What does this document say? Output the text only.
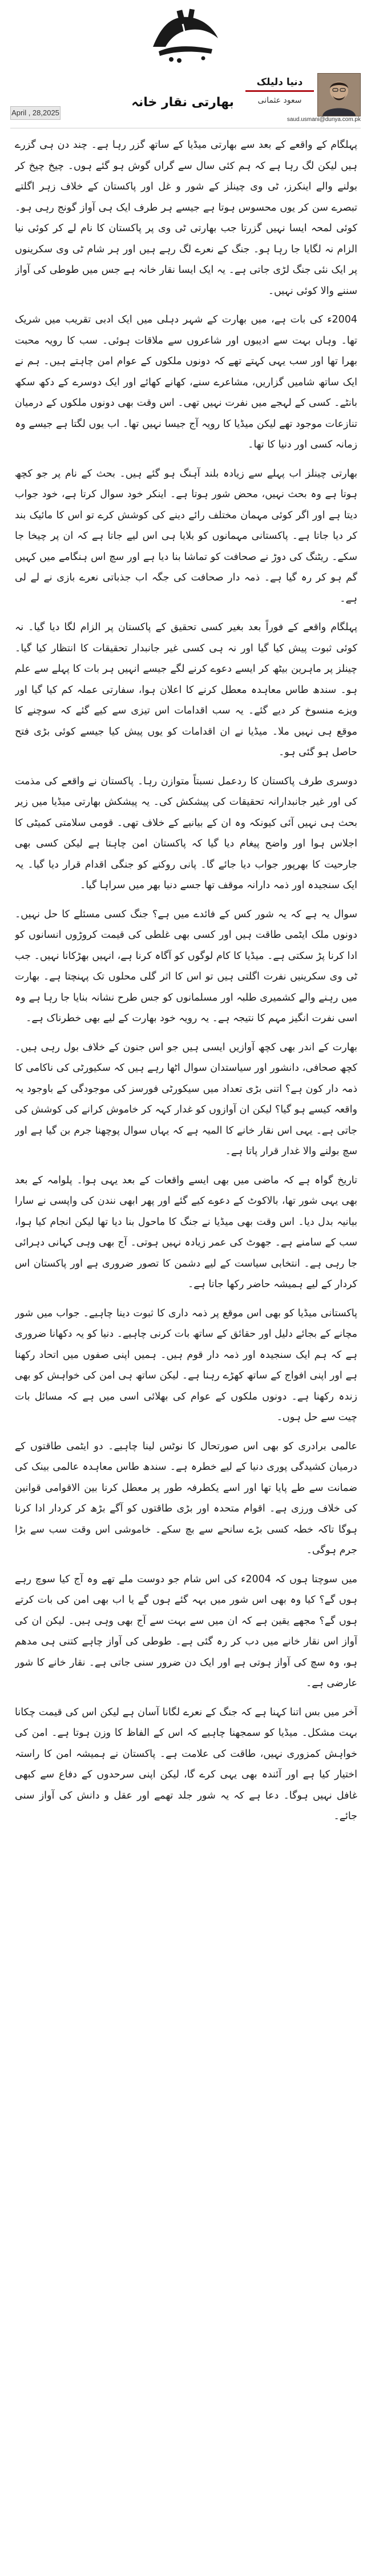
دنیا دلیلک
سعود عثمانی
saud.usmani@dunya.com.pk
بھارتی نقار خانہ
April , 28,2025

پہلگام کے واقعے کے بعد سے بھارتی میڈیا کے ساتھ گزر رہا ہے۔ چند دن ہی گزرے ہیں لیکن لگ رہا ہے کہ ہم کئی سال سے گراں گوش ہو گئے ہوں۔ چیخ چیخ کر بولنے والے اینکرز، ٹی وی چینلز کے شور و غل اور پاکستان کے خلاف زہر اگلتے تبصرے سن کر یوں محسوس ہوتا ہے جیسے ہر طرف ایک ہی آواز گونج رہی ہو۔ کوئی لمحہ ایسا نہیں گزرتا جب بھارتی ٹی وی پر پاکستان کا نام لے کر کوئی نیا الزام نہ لگایا جا رہا ہو۔ جنگ کے نعرے لگ رہے ہیں اور ہر شام ٹی وی سکرینوں پر ایک نئی جنگ لڑی جاتی ہے۔ یہ ایک ایسا نقار خانہ ہے جس میں طوطی کی آواز سننے والا کوئی نہیں۔

2004ء کی بات ہے، میں بھارت کے شہر دہلی میں ایک ادبی تقریب میں شریک تھا۔ وہاں بہت سے ادیبوں اور شاعروں سے ملاقات ہوئی۔ سب کا رویہ محبت بھرا تھا اور سب یہی کہتے تھے کہ دونوں ملکوں کے عوام امن چاہتے ہیں۔ ہم نے ایک ساتھ شامیں گزاریں، مشاعرے سنے، کھانے کھائے اور ایک دوسرے کے دکھ سکھ بانٹے۔ کسی کے لہجے میں نفرت نہیں تھی۔ اس وقت بھی دونوں ملکوں کے درمیان تنازعات موجود تھے لیکن میڈیا کا رویہ آج جیسا نہیں تھا۔ اب یوں لگتا ہے جیسے وہ زمانہ کسی اور دنیا کا تھا۔

بھارتی چینلز اب پہلے سے زیادہ بلند آہنگ ہو گئے ہیں۔ بحث کے نام پر جو کچھ ہوتا ہے وہ بحث نہیں، محض شور ہوتا ہے۔ اینکر خود سوال کرتا ہے، خود جواب دیتا ہے اور اگر کوئی مہمان مختلف رائے دینے کی کوشش کرے تو اس کا مائیک بند کر دیا جاتا ہے۔ پاکستانی مہمانوں کو بلایا ہی اس لیے جاتا ہے کہ ان پر چیخا جا سکے۔ ریٹنگ کی دوڑ نے صحافت کو تماشا بنا دیا ہے اور سچ اس ہنگامے میں کہیں گم ہو کر رہ گیا ہے۔ ذمہ دار صحافت کی جگہ اب جذباتی نعرے بازی نے لے لی ہے۔

پہلگام واقعے کے فوراً بعد بغیر کسی تحقیق کے پاکستان پر الزام لگا دیا گیا۔ نہ کوئی ثبوت پیش کیا گیا اور نہ ہی کسی غیر جانبدار تحقیقات کا انتظار کیا گیا۔ چینلز پر ماہرین بیٹھ کر ایسے دعوے کرنے لگے جیسے انہیں ہر بات کا پہلے سے علم ہو۔ سندھ طاس معاہدہ معطل کرنے کا اعلان ہوا، سفارتی عملہ کم کیا گیا اور ویزے منسوخ کر دیے گئے۔ یہ سب اقدامات اس تیزی سے کیے گئے کہ سوچنے کا موقع ہی نہیں ملا۔ میڈیا نے ان اقدامات کو یوں پیش کیا جیسے کوئی بڑی فتح حاصل ہو گئی ہو۔

دوسری طرف پاکستان کا ردعمل نسبتاً متوازن رہا۔ پاکستان نے واقعے کی مذمت کی اور غیر جانبدارانہ تحقیقات کی پیشکش کی۔ یہ پیشکش بھارتی میڈیا میں زیر بحث ہی نہیں آئی کیونکہ وہ ان کے بیانیے کے خلاف تھی۔ قومی سلامتی کمیٹی کا اجلاس ہوا اور واضح پیغام دیا گیا کہ پاکستان امن چاہتا ہے لیکن کسی بھی جارحیت کا بھرپور جواب دیا جائے گا۔ پانی روکنے کو جنگی اقدام قرار دیا گیا۔ یہ ایک سنجیدہ اور ذمہ دارانہ موقف تھا جسے دنیا بھر میں سراہا گیا۔

سوال یہ ہے کہ یہ شور کس کے فائدے میں ہے؟ جنگ کسی مسئلے کا حل نہیں۔ دونوں ملک ایٹمی طاقت ہیں اور کسی بھی غلطی کی قیمت کروڑوں انسانوں کو ادا کرنا پڑ سکتی ہے۔ میڈیا کا کام لوگوں کو آگاہ کرنا ہے، انہیں بھڑکانا نہیں۔ جب ٹی وی سکرینیں نفرت اگلتی ہیں تو اس کا اثر گلی محلوں تک پہنچتا ہے۔ بھارت میں رہنے والے کشمیری طلبہ اور مسلمانوں کو جس طرح نشانہ بنایا جا رہا ہے وہ اسی نفرت انگیز مہم کا نتیجہ ہے۔ یہ رویہ خود بھارت کے لیے بھی خطرناک ہے۔

بھارت کے اندر بھی کچھ آوازیں ایسی ہیں جو اس جنون کے خلاف بول رہی ہیں۔ کچھ صحافی، دانشور اور سیاستدان سوال اٹھا رہے ہیں کہ سکیورٹی کی ناکامی کا ذمہ دار کون ہے؟ اتنی بڑی تعداد میں سیکورٹی فورسز کی موجودگی کے باوجود یہ واقعہ کیسے ہو گیا؟ لیکن ان آوازوں کو غدار کہہ کر خاموش کرانے کی کوشش کی جاتی ہے۔ یہی اس نقار خانے کا المیہ ہے کہ یہاں سوال پوچھنا جرم بن گیا ہے اور سچ بولنے والا غدار قرار پاتا ہے۔

تاریخ گواہ ہے کہ ماضی میں بھی ایسے واقعات کے بعد یہی ہوا۔ پلوامہ کے بعد بھی یہی شور تھا، بالاکوٹ کے دعوے کیے گئے اور پھر ابھی نندن کی واپسی نے سارا بیانیہ بدل دیا۔ اس وقت بھی میڈیا نے جنگ کا ماحول بنا دیا تھا لیکن انجام کیا ہوا، سب کے سامنے ہے۔ جھوٹ کی عمر زیادہ نہیں ہوتی۔ آج بھی وہی کہانی دہرائی جا رہی ہے۔ انتخابی سیاست کے لیے دشمن کا تصور ضروری ہے اور پاکستان اس کردار کے لیے ہمیشہ حاضر رکھا جاتا ہے۔

پاکستانی میڈیا کو بھی اس موقع پر ذمہ داری کا ثبوت دینا چاہیے۔ جواب میں شور مچانے کے بجائے دلیل اور حقائق کے ساتھ بات کرنی چاہیے۔ دنیا کو یہ دکھانا ضروری ہے کہ ہم ایک سنجیدہ اور ذمہ دار قوم ہیں۔ ہمیں اپنی صفوں میں اتحاد رکھنا ہے اور اپنی افواج کے ساتھ کھڑے رہنا ہے۔ لیکن ساتھ ہی امن کی خواہش کو بھی زندہ رکھنا ہے۔ دونوں ملکوں کے عوام کی بھلائی اسی میں ہے کہ مسائل بات چیت سے حل ہوں۔

عالمی برادری کو بھی اس صورتحال کا نوٹس لینا چاہیے۔ دو ایٹمی طاقتوں کے درمیان کشیدگی پوری دنیا کے لیے خطرہ ہے۔ سندھ طاس معاہدہ عالمی بینک کی ضمانت سے طے پایا تھا اور اسے یکطرفہ طور پر معطل کرنا بین الاقوامی قوانین کی خلاف ورزی ہے۔ اقوام متحدہ اور بڑی طاقتوں کو آگے بڑھ کر کردار ادا کرنا ہوگا تاکہ خطہ کسی بڑے سانحے سے بچ سکے۔ خاموشی اس وقت سب سے بڑا جرم ہوگی۔

میں سوچتا ہوں کہ 2004ء کی اس شام جو دوست ملے تھے وہ آج کیا سوچ رہے ہوں گے؟ کیا وہ بھی اس شور میں بہہ گئے ہوں گے یا اب بھی امن کی بات کرتے ہوں گے؟ مجھے یقین ہے کہ ان میں سے بہت سے آج بھی وہی ہیں۔ لیکن ان کی آواز اس نقار خانے میں دب کر رہ گئی ہے۔ طوطی کی آواز چاہے کتنی ہی مدھم ہو، وہ سچ کی آواز ہوتی ہے اور ایک دن ضرور سنی جاتی ہے۔ نقار خانے کا شور عارضی ہے۔

آخر میں بس اتنا کہنا ہے کہ جنگ کے نعرے لگانا آسان ہے لیکن اس کی قیمت چکانا بہت مشکل۔ میڈیا کو سمجھنا چاہیے کہ اس کے الفاظ کا وزن ہوتا ہے۔ امن کی خواہش کمزوری نہیں، طاقت کی علامت ہے۔ پاکستان نے ہمیشہ امن کا راستہ اختیار کیا ہے اور آئندہ بھی یہی کرے گا، لیکن اپنی سرحدوں کے دفاع سے کبھی غافل نہیں ہوگا۔ دعا ہے کہ یہ شور جلد تھمے اور عقل و دانش کی آواز سنی جائے۔
